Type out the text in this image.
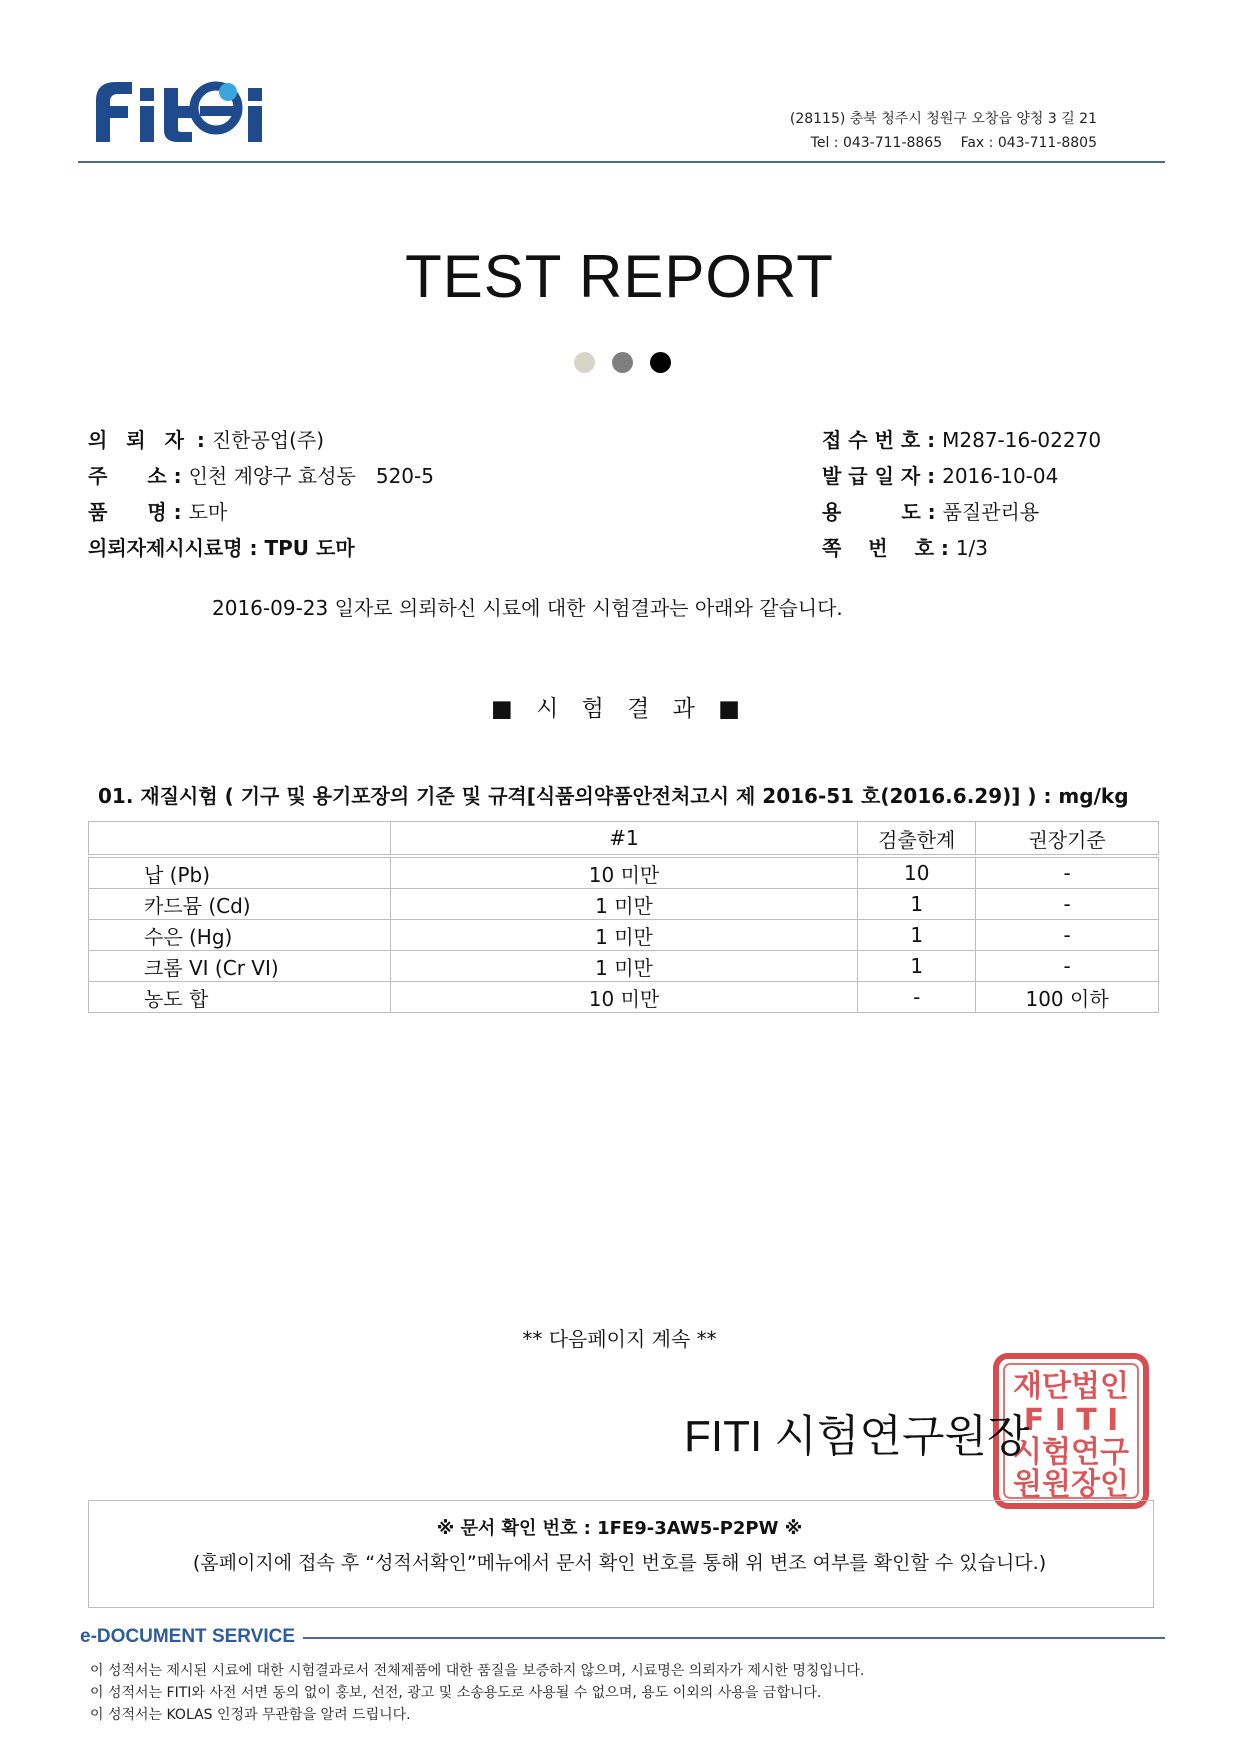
(28115) 충북 청주시 청원구 오창읍 양청 3 길 21
Tel : 043-711-8865　 Fax : 043-711-8805
TEST REPORT
의 뢰 자 : 진한공업(주)
주　　소 : 인천 계양구 효성동　520-5
품　　명 : 도마
의뢰자제시시료명 : TPU 도마
접 수 번 호 : M287-16-02270
발 급 일 자 : 2016-10-04
용　　　도 : 품질관리용
쪽　 번　 호 : 1/3
2016-09-23 일자로 의뢰하신 시료에 대한 시험결과는 아래와 같습니다.
■ 시 험 결 과 ■
01. 재질시험 ( 기구 및 용기포장의 기준 및 규격[식품의약품안전처고시 제 2016-51 호(2016.6.29)] ) : mg/kg
	#1	검출한계	권장기준

납 (Pb)	10 미만	10	-
카드뮴 (Cd)	1 미만	1	-
수은 (Hg)	1 미만	1	-
크롬 VI (Cr VI)	1 미만	1	-
농도 합	10 미만	-	100 이하
** 다음페이지 계속 **
재단법인
F I T I
시험연구
원원장인
FITI 시험연구원장
※ 문서 확인 번호 : 1FE9-3AW5-P2PW ※
(홈페이지에 접속 후 “성적서확인”메뉴에서 문서 확인 번호를 통해 위 변조 여부를 확인할 수 있습니다.)
e-DOCUMENT SERVICE
이 성적서는 제시된 시료에 대한 시험결과로서 전체제품에 대한 품질을 보증하지 않으며, 시료명은 의뢰자가 제시한 명칭입니다.
이 성적서는 FITI와 사전 서면 동의 없이 홍보, 선전, 광고 및 소송용도로 사용될 수 없으며, 용도 이외의 사용을 금합니다.
이 성적서는 KOLAS 인정과 무관함을 알려 드립니다.
